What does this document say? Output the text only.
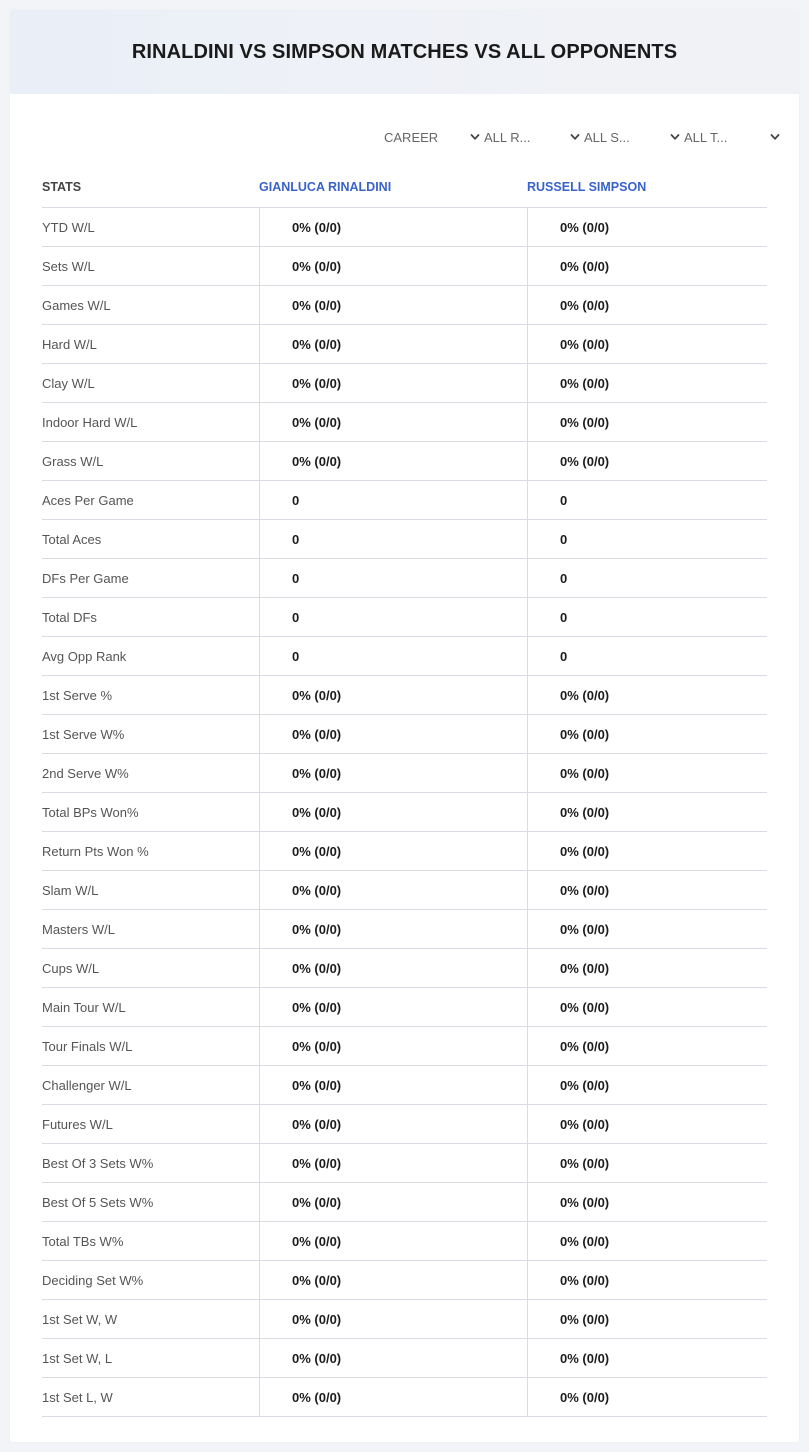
RINALDINI VS SIMPSON MATCHES VS ALL OPPONENTS
CAREER	ALL R...	ALL S...	ALL T...
STATS	GIANLUCA RINALDINI	RUSSELL SIMPSON
YTD W/L	0% (0/0)	0% (0/0)
Sets W/L	0% (0/0)	0% (0/0)
Games W/L	0% (0/0)	0% (0/0)
Hard W/L	0% (0/0)	0% (0/0)
Clay W/L	0% (0/0)	0% (0/0)
Indoor Hard W/L	0% (0/0)	0% (0/0)
Grass W/L	0% (0/0)	0% (0/0)
Aces Per Game	0	0
Total Aces	0	0
DFs Per Game	0	0
Total DFs	0	0
Avg Opp Rank	0	0
1st Serve %	0% (0/0)	0% (0/0)
1st Serve W%	0% (0/0)	0% (0/0)
2nd Serve W%	0% (0/0)	0% (0/0)
Total BPs Won%	0% (0/0)	0% (0/0)
Return Pts Won %	0% (0/0)	0% (0/0)
Slam W/L	0% (0/0)	0% (0/0)
Masters W/L	0% (0/0)	0% (0/0)
Cups W/L	0% (0/0)	0% (0/0)
Main Tour W/L	0% (0/0)	0% (0/0)
Tour Finals W/L	0% (0/0)	0% (0/0)
Challenger W/L	0% (0/0)	0% (0/0)
Futures W/L	0% (0/0)	0% (0/0)
Best Of 3 Sets W%	0% (0/0)	0% (0/0)
Best Of 5 Sets W%	0% (0/0)	0% (0/0)
Total TBs W%	0% (0/0)	0% (0/0)
Deciding Set W%	0% (0/0)	0% (0/0)
1st Set W, W	0% (0/0)	0% (0/0)
1st Set W, L	0% (0/0)	0% (0/0)
1st Set L, W	0% (0/0)	0% (0/0)
